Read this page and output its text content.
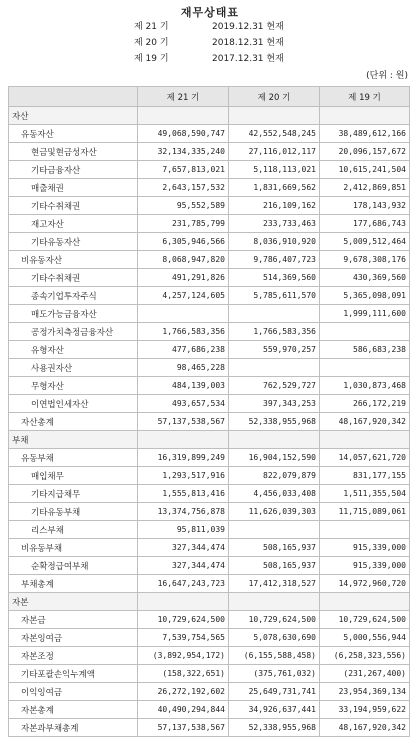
재무상태표
제 21 기	2019.12.31 현재
제 20 기	2018.12.31 현재
제 19 기	2017.12.31 현재
(단위 : 원)
	제 21 기	제 20 기	제 19 기
자산			
유동자산	49,068,590,747	42,552,548,245	38,489,612,166
현금및현금성자산	32,134,335,240	27,116,012,117	20,096,157,672
기타금융자산	7,657,813,021	5,118,113,021	10,615,241,504
매출채권	2,643,157,532	1,831,669,562	2,412,869,851
기타수취채권	95,552,589	216,109,162	178,143,932
재고자산	231,785,799	233,733,463	177,686,743
기타유동자산	6,305,946,566	8,036,910,920	5,009,512,464
비유동자산	8,068,947,820	9,786,407,723	9,678,308,176
기타수취채권	491,291,826	514,369,560	430,369,560
종속기업투자주식	4,257,124,605	5,785,611,570	5,365,098,091
매도가능금융자산			1,999,111,600
공정가치측정금융자산	1,766,583,356	1,766,583,356	
유형자산	477,686,238	559,970,257	586,683,238
사용권자산	98,465,228		
무형자산	484,139,003	762,529,727	1,030,873,468
이연법인세자산	493,657,534	397,343,253	266,172,219
자산총계	57,137,538,567	52,338,955,968	48,167,920,342
부채			
유동부채	16,319,899,249	16,904,152,590	14,057,621,720
매입채무	1,293,517,916	822,079,879	831,177,155
기타지급채무	1,555,813,416	4,456,033,408	1,511,355,504
기타유동부채	13,374,756,878	11,626,039,303	11,715,089,061
리스부채	95,811,039		
비유동부채	327,344,474	508,165,937	915,339,000
순확정급여부채	327,344,474	508,165,937	915,339,000
부채총계	16,647,243,723	17,412,318,527	14,972,960,720
자본			
자본금	10,729,624,500	10,729,624,500	10,729,624,500
자본잉여금	7,539,754,565	5,078,630,690	5,000,556,944
자본조정	(3,892,954,172)	(6,155,588,458)	(6,258,323,556)
기타포괄손익누계액	(158,322,651)	(375,761,032)	(231,267,400)
이익잉여금	26,272,192,602	25,649,731,741	23,954,369,134
자본총계	40,490,294,844	34,926,637,441	33,194,959,622
자본과부채총계	57,137,538,567	52,338,955,968	48,167,920,342
